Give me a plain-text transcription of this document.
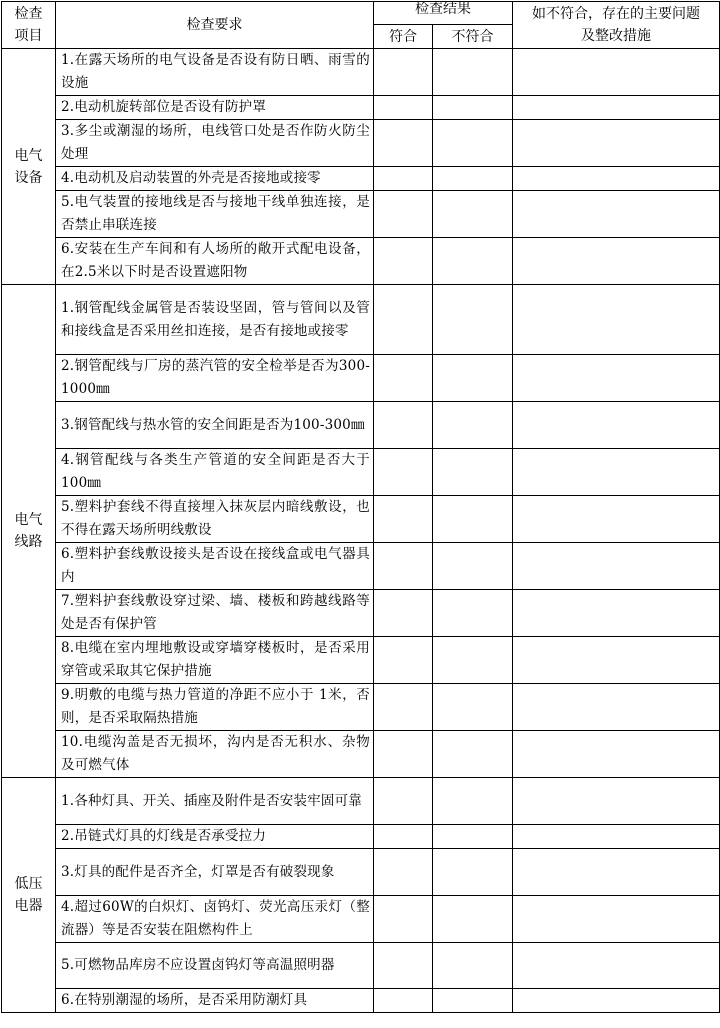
检查
项目	检查要求	检查结果		如不符合，存在的主要问题
及整改措施
		符合	不符合	
电气
设备	1.在露天场所的电气设备是否设有防日晒、雨雪的设施			
	2.电动机旋转部位是否设有防护罩			
	3.多尘或潮湿的场所，电线管口处是否作防火防尘处理			
	4.电动机及启动装置的外壳是否接地或接零			
	5.电气装置的接地线是否与接地干线单独连接，是否禁止串联连接			
	6.安装在生产车间和有人场所的敞开式配电设备，在2.5米以下时是否设置遮阳物			
电气
线路	1.钢管配线金属管是否装设坚固，管与管间以及管和接线盒是否采用丝扣连接，是否有接地或接零			
	2.钢管配线与厂房的蒸汽管的安全检举是否为300-1000㎜			
	3.钢管配线与热水管的安全间距是否为100-300㎜			
	4.钢管配线与各类生产管道的安全间距是否大于100㎜			
	5.塑料护套线不得直接埋入抹灰层内暗线敷设，也不得在露天场所明线敷设			
	6.塑料护套线敷设接头是否设在接线盒或电气器具内			
	7.塑料护套线敷设穿过梁、墙、楼板和跨越线路等处是否有保护管			
	8.电缆在室内埋地敷设或穿墙穿楼板时，是否采用穿管或采取其它保护措施			
	9.明敷的电缆与热力管道的净距不应小于 1米，否则，是否采取隔热措施			
	10.电缆沟盖是否无损坏，沟内是否无积水、杂物及可燃气体			
低压
电器	1.各种灯具、开关、插座及附件是否安装牢固可靠			
	2.吊链式灯具的灯线是否承受拉力			
	3.灯具的配件是否齐全，灯罩是否有破裂现象			
	4.超过60W的白炽灯、卤钨灯、荧光高压汞灯（整流器）等是否安装在阻燃构件上			
	5.可燃物品库房不应设置卤钨灯等高温照明器			
	6.在特别潮湿的场所，是否采用防潮灯具			
